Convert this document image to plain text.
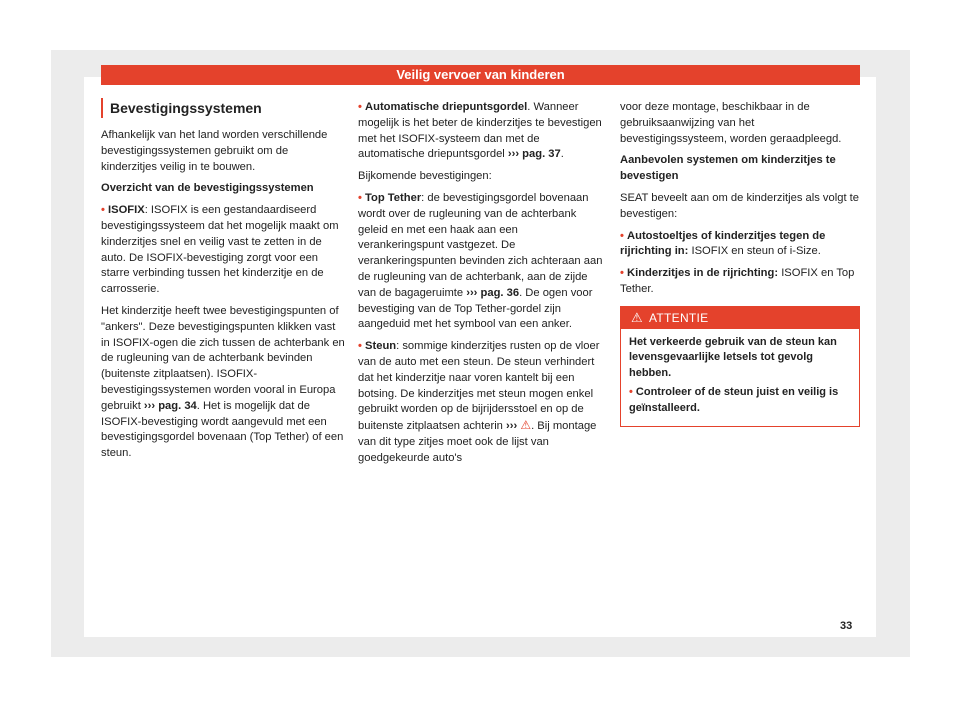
Veilig vervoer van kinderen
Bevestigingssystemen

Afhankelijk van het land worden verschillende bevestigingssystemen gebruikt om de kinderzitjes veilig in te bouwen.

Overzicht van de bevestigingssystemen

• ISOFIX: ISOFIX is een gestandaardiseerd bevestigingssysteem dat het mogelijk maakt om kinderzitjes snel en veilig vast te zetten in de auto. De ISOFIX-bevestiging zorgt voor een starre verbinding tussen het kinderzitje en de carrosserie.

Het kinderzitje heeft twee bevestigingspunten of "ankers". Deze bevestigingspunten klikken vast in ISOFIX-ogen die zich tussen de achterbank en de rugleuning van de achterbank bevinden (buitenste zitplaatsen). ISOFIX-bevestigingssystemen worden vooral in Europa gebruikt ››› pag. 34. Het is mogelijk dat de ISOFIX-bevestiging wordt aangevuld met een bevestigingsgordel bovenaan (Top Tether) of een steun.

• Automatische driepuntsgordel. Wanneer mogelijk is het beter de kinderzitjes te bevestigen met het ISOFIX-systeem dan met de automatische driepuntsgordel ››› pag. 37.

Bijkomende bevestigingen:

• Top Tether: de bevestigingsgordel bovenaan wordt over de rugleuning van de achterbank geleid en met een haak aan een verankeringspunt vastgezet. De verankeringspunten bevinden zich achteraan aan de rugleuning van de achterbank, aan de zijde van de bagageruimte ››› pag. 36. De ogen voor bevestiging van de Top Tether-gordel zijn aangeduid met het symbool van een anker.

• Steun: sommige kinderzitjes rusten op de vloer van de auto met een steun. De steun verhindert dat het kinderzitje naar voren kantelt bij een botsing. De kinderzitjes met steun mogen enkel gebruikt worden op de bijrijdersstoel en op de buitenste zitplaatsen achterin ››› ⚠. Bij montage van dit type zitjes moet ook de lijst van goedgekeurde auto's

voor deze montage, beschikbaar in de gebruiksaanwijzing van het bevestigingssysteem, worden geraadpleegd.

Aanbevolen systemen om kinderzitjes te bevestigen

SEAT beveelt aan om de kinderzitjes als volgt te bevestigen:

• Autostoeltjes of kinderzitjes tegen de rijrichting in: ISOFIX en steun of i-Size.

• Kinderzitjes in de rijrichting: ISOFIX en Top Tether.

⚠ ATTENTIE

Het verkeerde gebruik van de steun kan levensgevaarlijke letsels tot gevolg hebben.

• Controleer of de steun juist en veilig is geïnstalleerd.

33
